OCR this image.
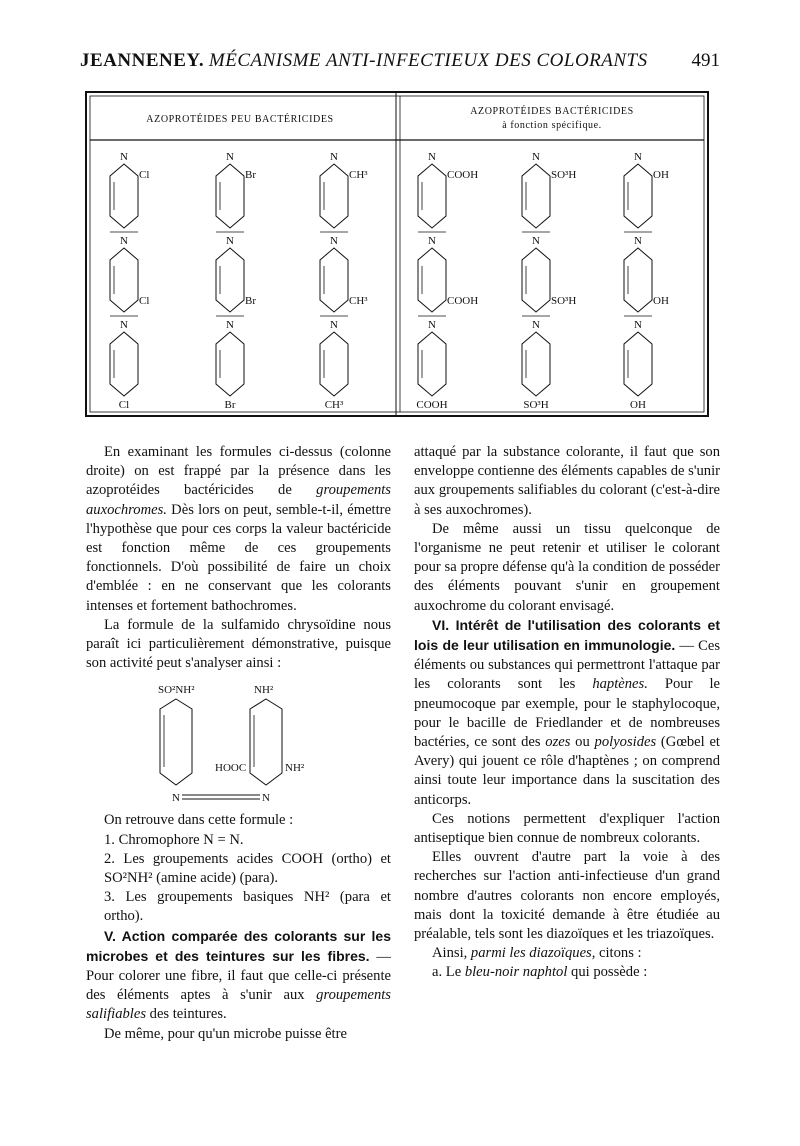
JEANNENEY. MÉCANISME ANTI-INFECTIEUX DES COLORANTS 491
AZOPROTÉIDES PEU BACTÉRICIDES
AZOPROTÉIDES BACTÉRICIDES
à fonction spécifique.
N
Cl
N
Cl
N
Cl
N
Br
N
Br
N
Br
N
CH³
N
CH³
N
CH³
N
COOH
N
COOH
N
COOH
N
SO³H
N
SO³H
N
SO³H
N
OH
N
OH
N
OH

En examinant les formules ci-dessus (colonne droite) on est frappé par la présence dans les azoprotéides bactéricides de groupements auxochromes. Dès lors on peut, semble-t-il, émettre l'hypothèse que pour ces corps la valeur bactéricide est fonction même de ces groupements fonctionnels. D'où possibilité de faire un choix d'emblée : en ne conservant que les colorants intenses et fortement bathochromes.

La formule de la sulfamido chrysoïdine nous paraît ici particulièrement démonstrative, puisque son activité peut s'analyser ainsi :

SO²NH²	NH²
HOOC	NH²
N	N

On retrouve dans cette formule :

1. Chromophore N = N.

2. Les groupements acides COOH (ortho) et SO²NH² (amine acide) (para).

3. Les groupements basiques NH² (para et ortho).

V. Action comparée des colorants sur les microbes et des teintures sur les fibres. — Pour colorer une fibre, il faut que celle-ci présente des éléments aptes à s'unir aux groupements salifiables des teintures.

De même, pour qu'un microbe puisse être

attaqué par la substance colorante, il faut que son enveloppe contienne des éléments capables de s'unir aux groupements salifiables du colorant (c'est-à-dire à ses auxochromes).

De même aussi un tissu quelconque de l'organisme ne peut retenir et utiliser le colorant pour sa propre défense qu'à la condition de posséder des éléments pouvant s'unir en groupement auxochrome du colorant envisagé.

VI. Intérêt de l'utilisation des colorants et lois de leur utilisation en immunologie. — Ces éléments ou substances qui permettront l'attaque par les colorants sont les haptènes. Pour le pneumocoque par exemple, pour le staphylocoque, pour le bacille de Friedlander et de nombreuses bactéries, ce sont des ozes ou polyosides (Gœbel et Avery) qui jouent ce rôle d'haptènes ; on comprend ainsi toute leur importance dans la suscitation des anticorps.

Ces notions permettent d'expliquer l'action antiseptique bien connue de nombreux colorants.

Elles ouvrent d'autre part la voie à des recherches sur l'action anti-infectieuse d'un grand nombre d'autres colorants non encore employés, mais dont la toxicité demande à être étudiée au préalable, tels sont les diazoïques et les triazoïques.

Ainsi, parmi les diazoïques, citons :

a. Le bleu-noir naphtol qui possède :
